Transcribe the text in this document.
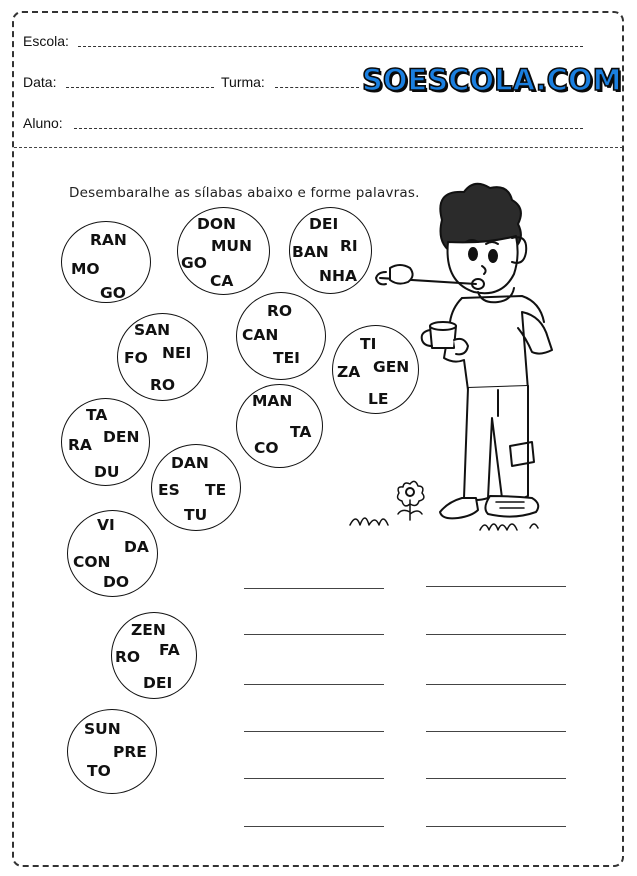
Escola:
Data:	Turma:	SOESCOLA.COM
Aluno:
Desembaralhe as sílabas abaixo e forme palavras.
RAN
MO
GO
DON
MUN
GO
CA
DEI
BAN RI
NHA
RO
CAN
TEI
SAN
FO NEI
RO
TI
ZA GEN
LE
TA
RA DEN
DU
MAN
TA
CO
DAN
ES TE
TU
VI
DA
CON
DO
ZEN
FA
RO
DEI
SUN
PRE
TO
